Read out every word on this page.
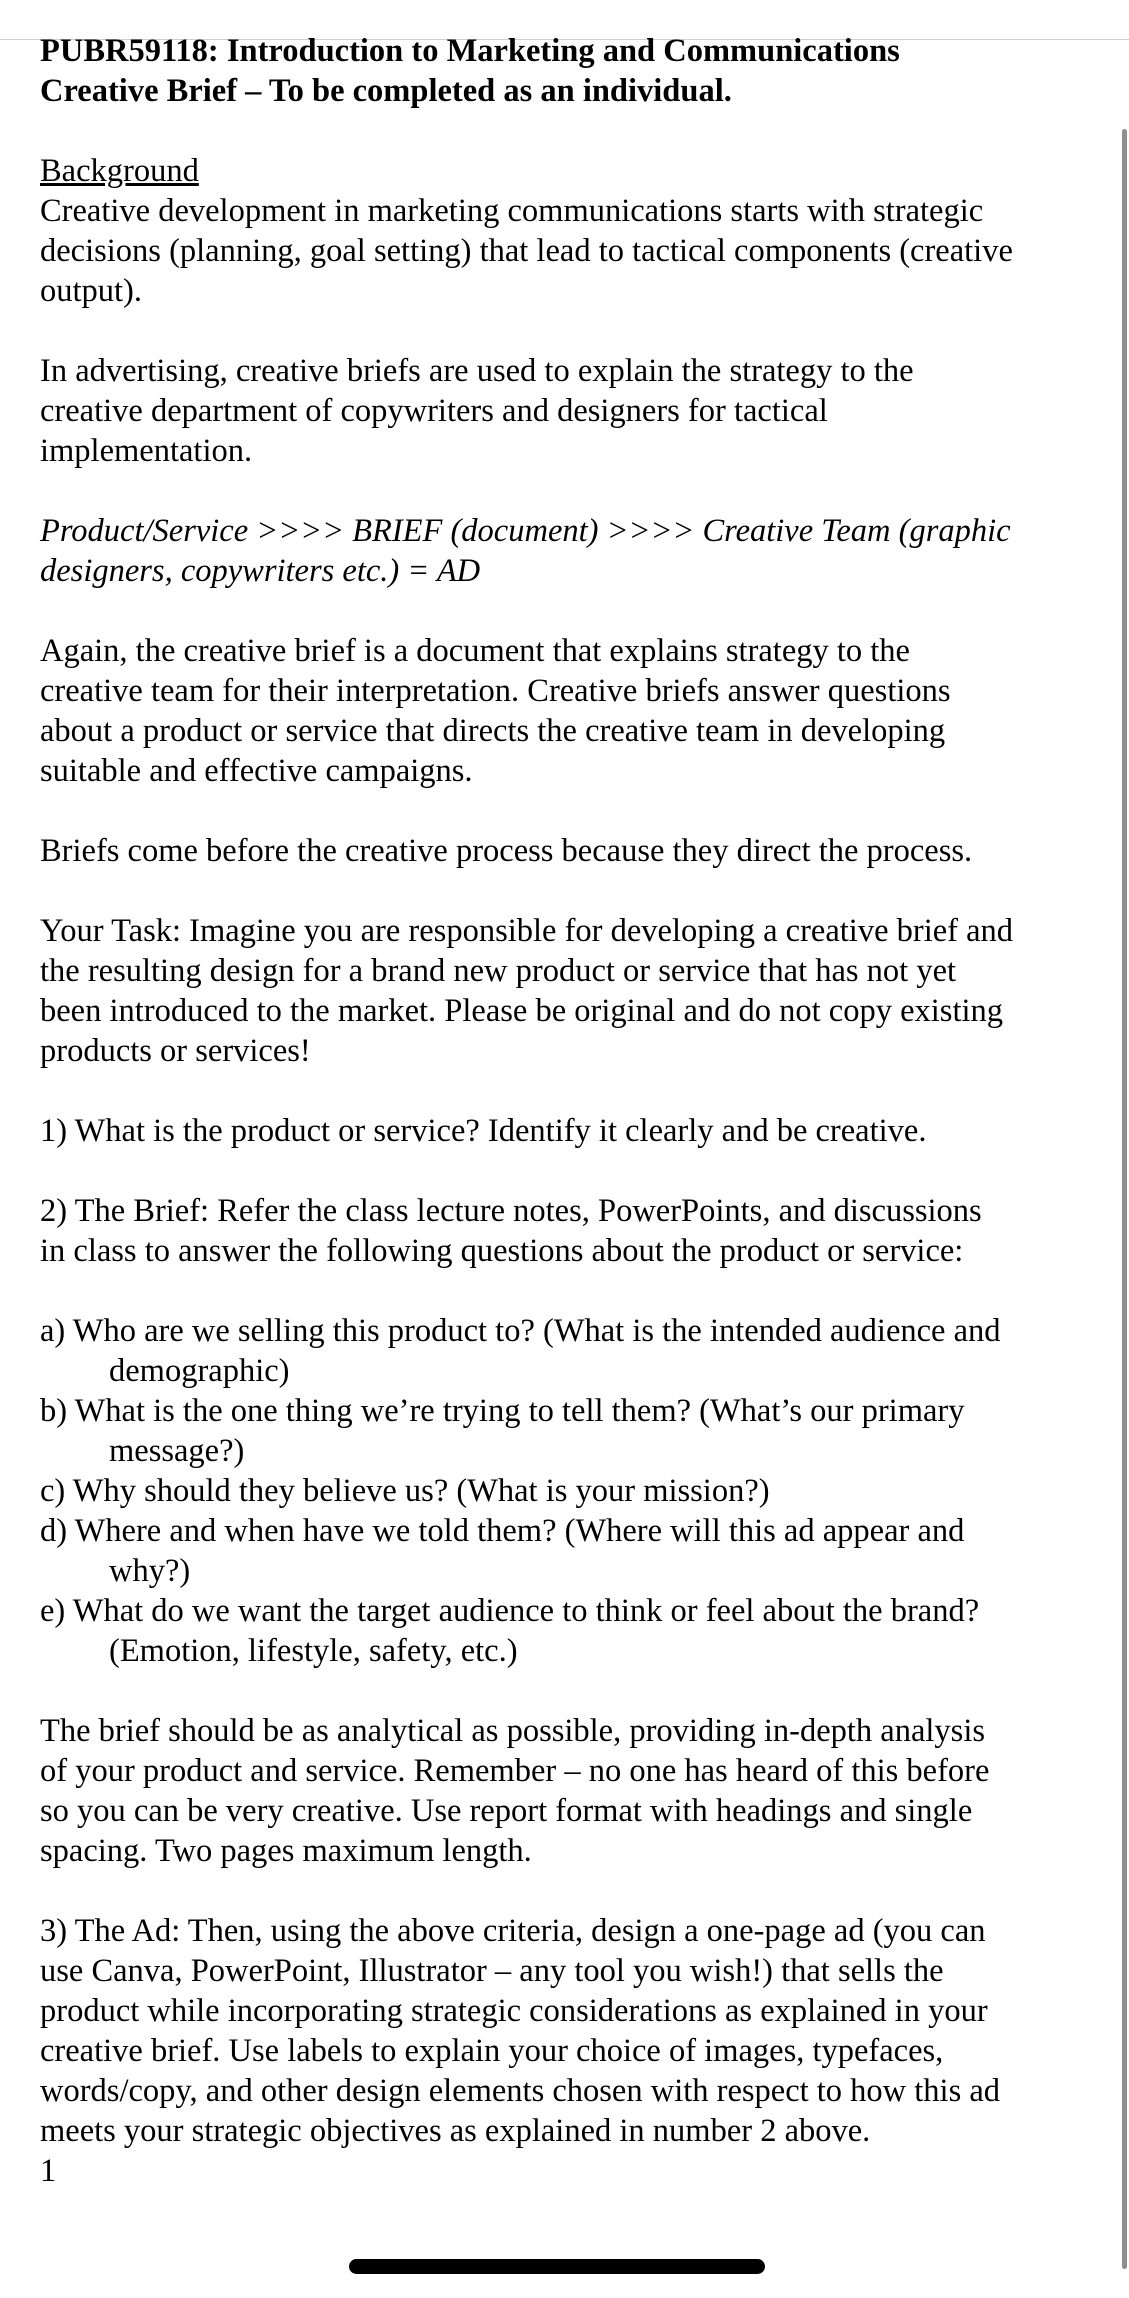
PUBR59118: Introduction to Marketing and Communications
Creative Brief – To be completed as an individual.
Background
Creative development in marketing communications starts with strategic
decisions (planning, goal setting) that lead to tactical components (creative
output).
In advertising, creative briefs are used to explain the strategy to the
creative department of copywriters and designers for tactical
implementation.
Product/Service >>>> BRIEF (document) >>>> Creative Team (graphic
designers, copywriters etc.) = AD
Again, the creative brief is a document that explains strategy to the
creative team for their interpretation. Creative briefs answer questions
about a product or service that directs the creative team in developing
suitable and effective campaigns.
Briefs come before the creative process because they direct the process.
Your Task: Imagine you are responsible for developing a creative brief and
the resulting design for a brand new product or service that has not yet
been introduced to the market. Please be original and do not copy existing
products or services!
1) What is the product or service? Identify it clearly and be creative.
2) The Brief: Refer the class lecture notes, PowerPoints, and discussions
in class to answer the following questions about the product or service:
a) Who are we selling this product to? (What is the intended audience and
demographic)
b) What is the one thing we’re trying to tell them? (What’s our primary
message?)
c) Why should they believe us? (What is your mission?)
d) Where and when have we told them? (Where will this ad appear and
why?)
e) What do we want the target audience to think or feel about the brand?
(Emotion, lifestyle, safety, etc.)
The brief should be as analytical as possible, providing in-depth analysis
of your product and service. Remember – no one has heard of this before
so you can be very creative. Use report format with headings and single
spacing. Two pages maximum length.
3) The Ad: Then, using the above criteria, design a one-page ad (you can
use Canva, PowerPoint, Illustrator – any tool you wish!) that sells the
product while incorporating strategic considerations as explained in your
creative brief. Use labels to explain your choice of images, typefaces,
words/copy, and other design elements chosen with respect to how this ad
meets your strategic objectives as explained in number 2 above.
1
